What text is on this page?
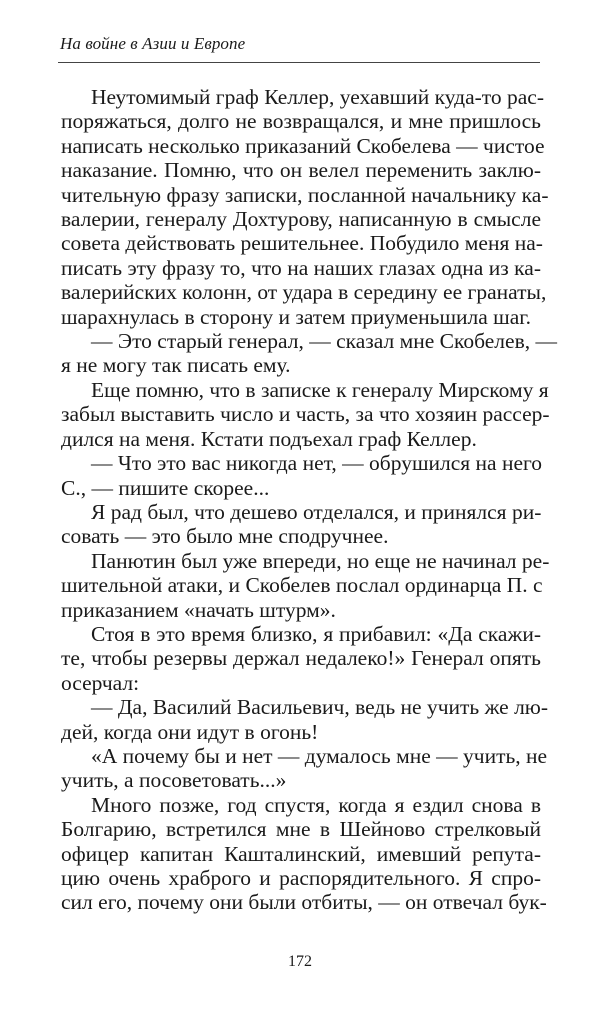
На войне в Азии и Европе
Неутомимый граф Келлер, уехавший куда-то рас-
поряжаться, долго не возвращался, и мне пришлось
написать несколько приказаний Скобелева — чистое
наказание. Помню, что он велел переменить заклю-
чительную фразу записки, посланной начальнику ка-
валерии, генералу Дохтурову, написанную в смысле
совета действовать решительнее. Побудило меня на-
писать эту фразу то, что на наших глазах одна из ка-
валерийских колонн, от удара в середину ее гранаты,
шарахнулась в сторону и затем приуменьшила шаг.
— Это старый генерал, — сказал мне Скобелев, —
я не могу так писать ему.
Еще помню, что в записке к генералу Мирскому я
забыл выставить число и часть, за что хозяин рассер-
дился на меня. Кстати подъехал граф Келлер.
— Что это вас никогда нет, — обрушился на него
С., — пишите скорее...
Я рад был, что дешево отделался, и принялся ри-
совать — это было мне сподручнее.
Панютин был уже впереди, но еще не начинал ре-
шительной атаки, и Скобелев послал ординарца П. с
приказанием «начать штурм».
Стоя в это время близко, я прибавил: «Да скажи-
те, чтобы резервы держал недалеко!» Генерал опять
осерчал:
— Да, Василий Васильевич, ведь не учить же лю-
дей, когда они идут в огонь!
«А почему бы и нет — думалось мне — учить, не
учить, а посоветовать...»
Много позже, год спустя, когда я ездил снова в
Болгарию, встретился мне в Шейново стрелковый
офицер капитан Кашталинский, имевший репута-
цию очень храброго и распорядительного. Я спро-
сил его, почему они были отбиты, — он отвечал бук-
172
